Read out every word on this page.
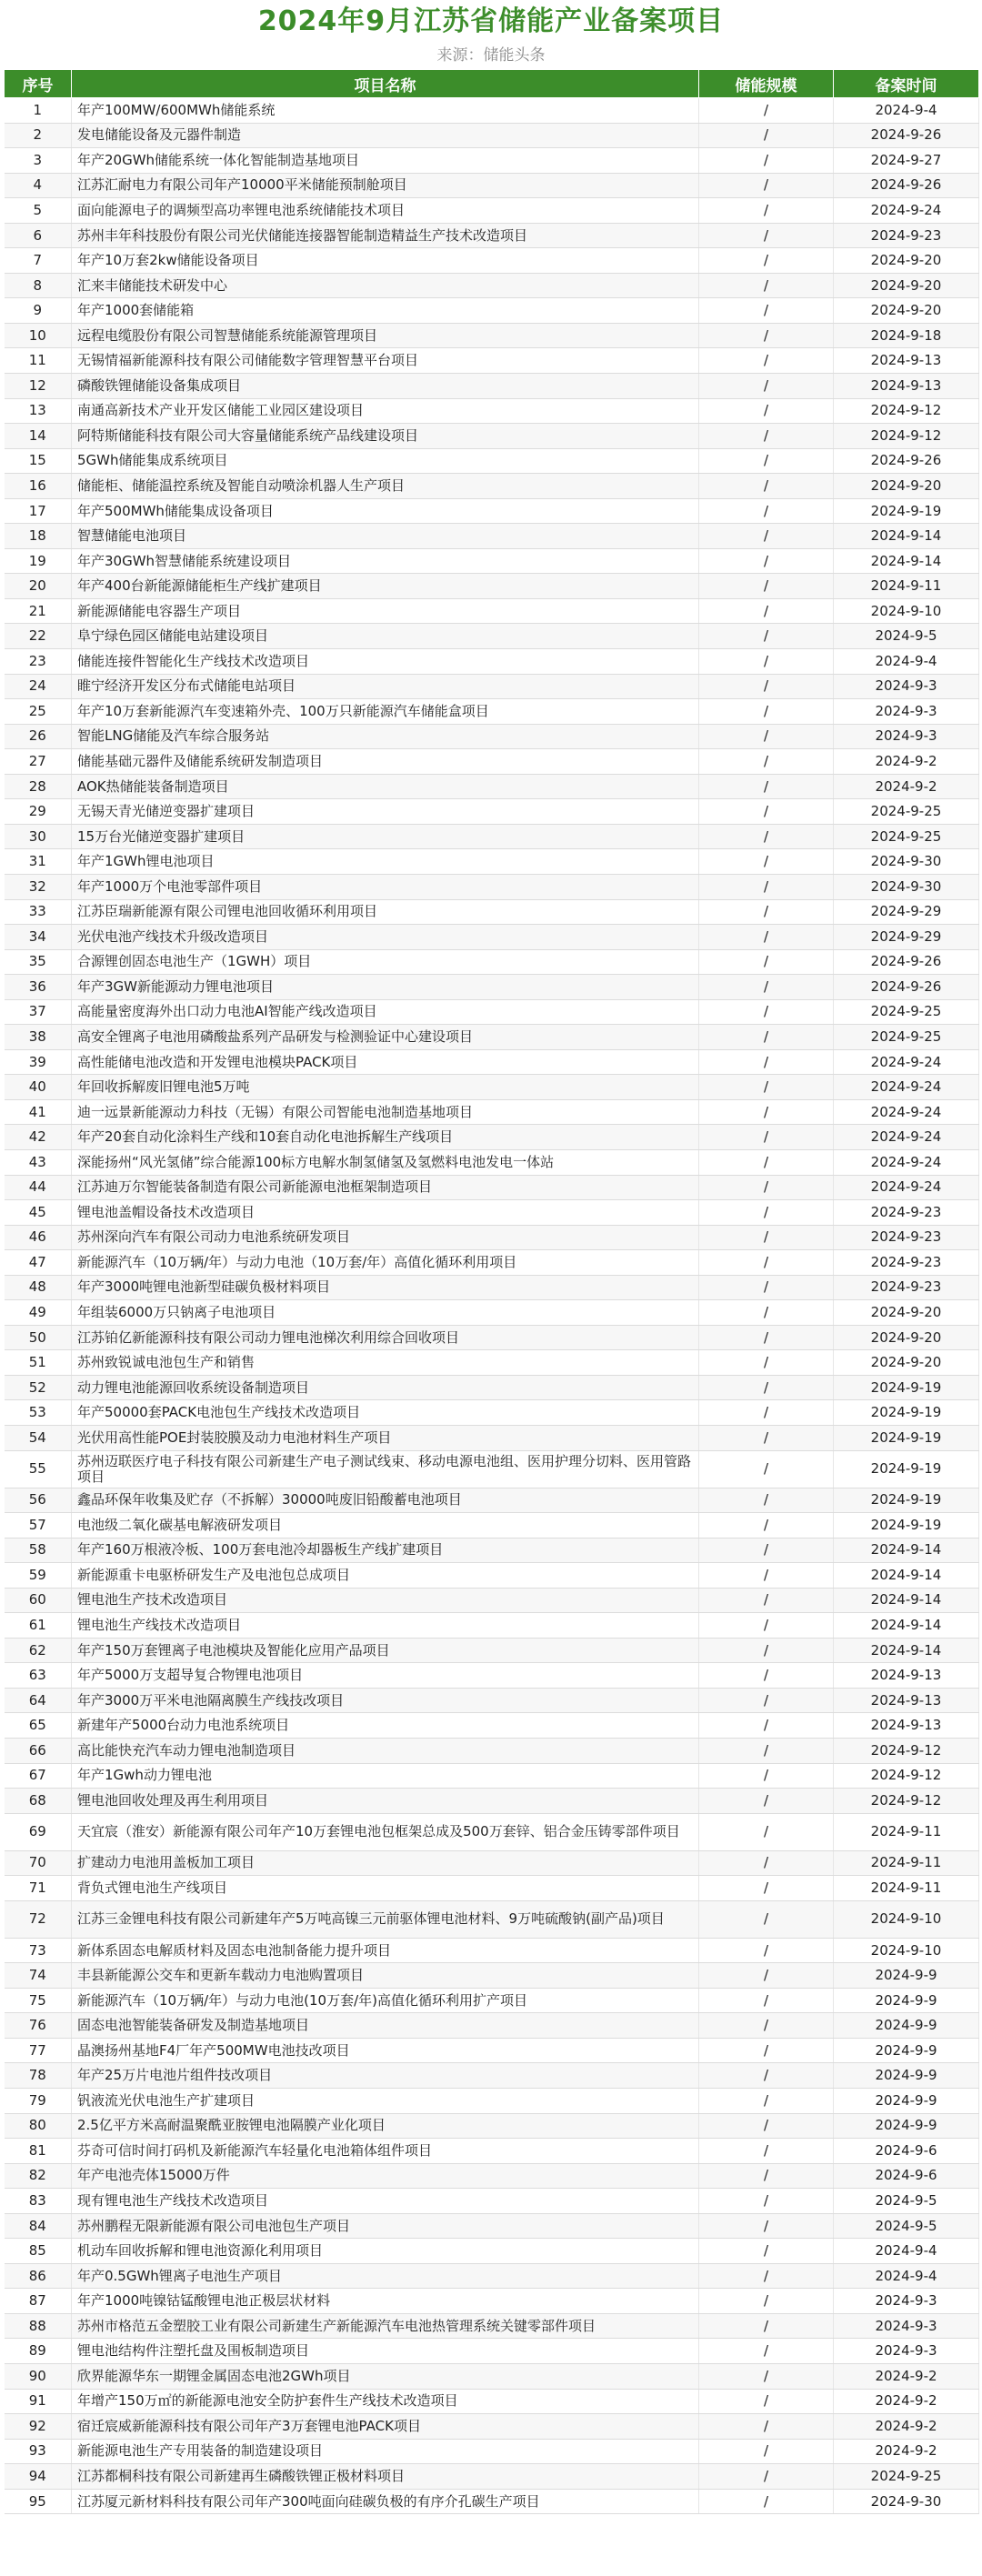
2024年9月江苏省储能产业备案项目
来源：储能头条
序号	项目名称	储能规模	备案时间
1	年产100MW/600MWh储能系统	/	2024-9-4
2	发电储能设备及元器件制造	/	2024-9-26
3	年产20GWh储能系统一体化智能制造基地项目	/	2024-9-27
4	江苏汇耐电力有限公司年产10000平米储能预制舱项目	/	2024-9-26
5	面向能源电子的调频型高功率锂电池系统储能技术项目	/	2024-9-24
6	苏州丰年科技股份有限公司光伏储能连接器智能制造精益生产技术改造项目	/	2024-9-23
7	年产10万套2kw储能设备项目	/	2024-9-20
8	汇来丰储能技术研发中心	/	2024-9-20
9	年产1000套储能箱	/	2024-9-20
10	远程电缆股份有限公司智慧储能系统能源管理项目	/	2024-9-18
11	无锡情福新能源科技有限公司储能数字管理智慧平台项目	/	2024-9-13
12	磷酸铁锂储能设备集成项目	/	2024-9-13
13	南通高新技术产业开发区储能工业园区建设项目	/	2024-9-12
14	阿特斯储能科技有限公司大容量储能系统产品线建设项目	/	2024-9-12
15	5GWh储能集成系统项目	/	2024-9-26
16	储能柜、储能温控系统及智能自动喷涂机器人生产项目	/	2024-9-20
17	年产500MWh储能集成设备项目	/	2024-9-19
18	智慧储能电池项目	/	2024-9-14
19	年产30GWh智慧储能系统建设项目	/	2024-9-14
20	年产400台新能源储能柜生产线扩建项目	/	2024-9-11
21	新能源储能电容器生产项目	/	2024-9-10
22	阜宁绿色园区储能电站建设项目	/	2024-9-5
23	储能连接件智能化生产线技术改造项目	/	2024-9-4
24	睢宁经济开发区分布式储能电站项目	/	2024-9-3
25	年产10万套新能源汽车变速箱外壳、100万只新能源汽车储能盒项目	/	2024-9-3
26	智能LNG储能及汽车综合服务站	/	2024-9-3
27	储能基础元器件及储能系统研发制造项目	/	2024-9-2
28	AOK热储能装备制造项目	/	2024-9-2
29	无锡天青光储逆变器扩建项目	/	2024-9-25
30	15万台光储逆变器扩建项目	/	2024-9-25
31	年产1GWh锂电池项目	/	2024-9-30
32	年产1000万个电池零部件项目	/	2024-9-30
33	江苏臣瑞新能源有限公司锂电池回收循环利用项目	/	2024-9-29
34	光伏电池产线技术升级改造项目	/	2024-9-29
35	合源锂创固态电池生产（1GWH）项目	/	2024-9-26
36	年产3GW新能源动力锂电池项目	/	2024-9-26
37	高能量密度海外出口动力电池AI智能产线改造项目	/	2024-9-25
38	高安全锂离子电池用磷酸盐系列产品研发与检测验证中心建设项目	/	2024-9-25
39	高性能储电池改造和开发锂电池模块PACK项目	/	2024-9-24
40	年回收拆解废旧锂电池5万吨	/	2024-9-24
41	迪一远景新能源动力科技（无锡）有限公司智能电池制造基地项目	/	2024-9-24
42	年产20套自动化涂料生产线和10套自动化电池拆解生产线项目	/	2024-9-24
43	深能扬州“风光氢储”综合能源100标方电解水制氢储氢及氢燃料电池发电一体站	/	2024-9-24
44	江苏迪万尔智能装备制造有限公司新能源电池框架制造项目	/	2024-9-24
45	锂电池盖帽设备技术改造项目	/	2024-9-23
46	苏州深向汽车有限公司动力电池系统研发项目	/	2024-9-23
47	新能源汽车（10万辆/年）与动力电池（10万套/年）高值化循环利用项目	/	2024-9-23
48	年产3000吨锂电池新型硅碳负极材料项目	/	2024-9-23
49	年组装6000万只钠离子电池项目	/	2024-9-20
50	江苏铂亿新能源科技有限公司动力锂电池梯次利用综合回收项目	/	2024-9-20
51	苏州致锐诚电池包生产和销售	/	2024-9-20
52	动力锂电池能源回收系统设备制造项目	/	2024-9-19
53	年产50000套PACK电池包生产线技术改造项目	/	2024-9-19
54	光伏用高性能POE封装胶膜及动力电池材料生产项目	/	2024-9-19
55	苏州迈联医疗电子科技有限公司新建生产电子测试线束、移动电源电池组、医用护理分切料、医用管路项目	/	2024-9-19
56	鑫品环保年收集及贮存（不拆解）30000吨废旧铅酸蓄电池项目	/	2024-9-19
57	电池级二氧化碳基电解液研发项目	/	2024-9-19
58	年产160万根液冷板、100万套电池冷却器板生产线扩建项目	/	2024-9-14
59	新能源重卡电驱桥研发生产及电池包总成项目	/	2024-9-14
60	锂电池生产技术改造项目	/	2024-9-14
61	锂电池生产线技术改造项目	/	2024-9-14
62	年产150万套锂离子电池模块及智能化应用产品项目	/	2024-9-14
63	年产5000万支超导复合物锂电池项目	/	2024-9-13
64	年产3000万平米电池隔离膜生产线技改项目	/	2024-9-13
65	新建年产5000台动力电池系统项目	/	2024-9-13
66	高比能快充汽车动力锂电池制造项目	/	2024-9-12
67	年产1Gwh动力锂电池	/	2024-9-12
68	锂电池回收处理及再生利用项目	/	2024-9-12
69	天宜宸（淮安）新能源有限公司年产10万套锂电池包框架总成及500万套锌、铝合金压铸零部件项目	/	2024-9-11
70	扩建动力电池用盖板加工项目	/	2024-9-11
71	背负式锂电池生产线项目	/	2024-9-11
72	江苏三金锂电科技有限公司新建年产5万吨高镍三元前驱体锂电池材料、9万吨硫酸钠(副产品)项目	/	2024-9-10
73	新体系固态电解质材料及固态电池制备能力提升项目	/	2024-9-10
74	丰县新能源公交车和更新车载动力电池购置项目	/	2024-9-9
75	新能源汽车（10万辆/年）与动力电池(10万套/年)高值化循环利用扩产项目	/	2024-9-9
76	固态电池智能装备研发及制造基地项目	/	2024-9-9
77	晶澳扬州基地F4厂年产500MW电池技改项目	/	2024-9-9
78	年产25万片电池片组件技改项目	/	2024-9-9
79	钒液流光伏电池生产扩建项目	/	2024-9-9
80	2.5亿平方米高耐温聚酰亚胺锂电池隔膜产业化项目	/	2024-9-9
81	芬奇可信时间打码机及新能源汽车轻量化电池箱体组件项目	/	2024-9-6
82	年产电池壳体15000万件	/	2024-9-6
83	现有锂电池生产线技术改造项目	/	2024-9-5
84	苏州鹏程无限新能源有限公司电池包生产项目	/	2024-9-5
85	机动车回收拆解和锂电池资源化利用项目	/	2024-9-4
86	年产0.5GWh锂离子电池生产项目	/	2024-9-4
87	年产1000吨镍钴锰酸锂电池正极层状材料	/	2024-9-3
88	苏州市格范五金塑胶工业有限公司新建生产新能源汽车电池热管理系统关键零部件项目	/	2024-9-3
89	锂电池结构件注塑托盘及围板制造项目	/	2024-9-3
90	欣界能源华东一期锂金属固态电池2GWh项目	/	2024-9-2
91	年增产150万㎡的新能源电池安全防护套件生产线技术改造项目	/	2024-9-2
92	宿迁宸威新能源科技有限公司年产3万套锂电池PACK项目	/	2024-9-2
93	新能源电池生产专用装备的制造建设项目	/	2024-9-2
94	江苏都桐科技有限公司新建再生磷酸铁锂正极材料项目	/	2024-9-25
95	江苏厦元新材料科技有限公司年产300吨面向硅碳负极的有序介孔碳生产项目	/	2024-9-30
